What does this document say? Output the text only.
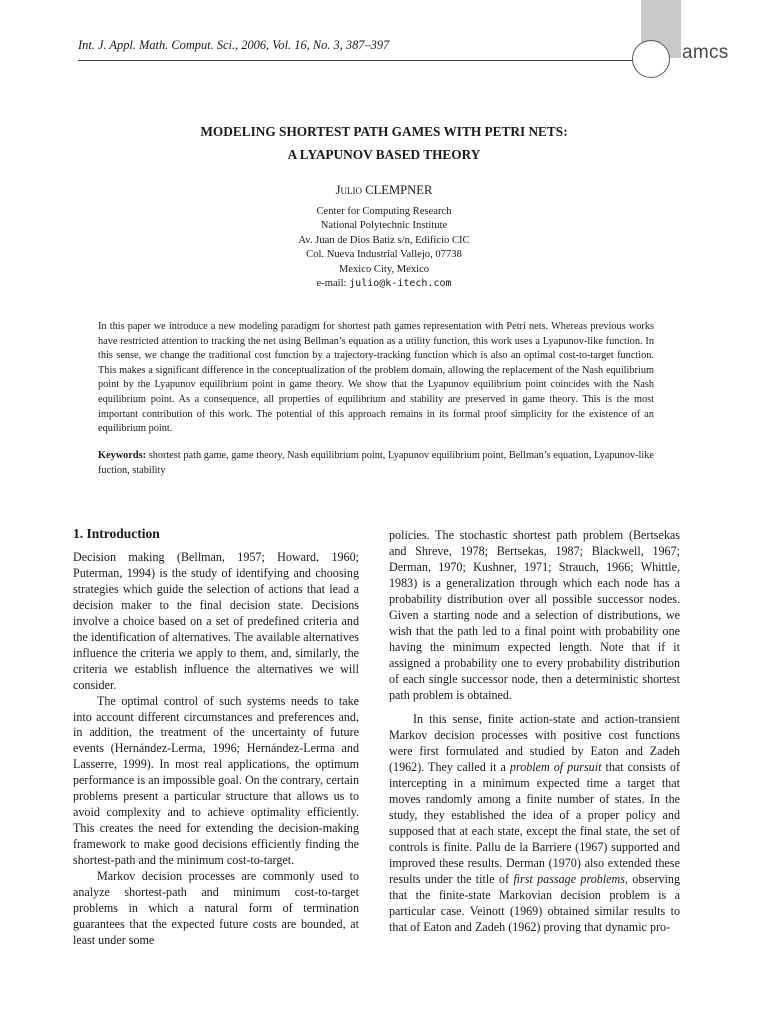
Int. J. Appl. Math. Comput. Sci., 2006, Vol. 16, No. 3, 387–397	amcs
MODELING SHORTEST PATH GAMES WITH PETRI NETS:
A LYAPUNOV BASED THEORY
Julio CLEMPNER
Center for Computing Research
National Polytechnic Institute
Av. Juan de Dios Batiz s/n, Edificio CIC
Col. Nueva Industrial Vallejo, 07738
Mexico City, Mexico
e-mail: julio@k-itech.com

In this paper we introduce a new modeling paradigm for shortest path games representation with Petri nets. Whereas previous works have restricted attention to tracking the net using Bellman’s equation as a utility function, this work uses a Lyapunov-like function. In this sense, we change the traditional cost function by a trajectory-tracking function which is also an optimal cost-to-target function. This makes a significant difference in the conceptualization of the problem domain, allowing the replacement of the Nash equilibrium point by the Lyapunov equilibrium point in game theory. We show that the Lyapunov equilibrium point coincides with the Nash equilibrium point. As a consequence, all properties of equilibrium and stability are preserved in game theory. This is the most important contribution of this work. The potential of this approach remains in its formal proof simplicity for the existence of an equilibrium point.

Keywords: shortest path game, game theory, Nash equilibrium point, Lyapunov equilibrium point, Bellman’s equation, Lyapunov-like fuction, stability

1. Introduction

Decision making (Bellman, 1957; Howard, 1960; Puterman, 1994) is the study of identifying and choosing strategies which guide the selection of actions that lead a decision maker to the final decision state. Decisions involve a choice based on a set of predefined criteria and the identification of alternatives. The available alternatives influence the criteria we apply to them, and, similarly, the criteria we establish influence the alternatives we will consider.

The optimal control of such systems needs to take into account different circumstances and preferences and, in addition, the treatment of the uncertainty of future events (Hernández-Lerma, 1996; Hernández-Lerma and Lasserre, 1999). In most real applications, the optimum performance is an impossible goal. On the contrary, certain problems present a particular structure that allows us to avoid complexity and to achieve optimality efficiently. This creates the need for extending the decision-making framework to make good decisions efficiently finding the shortest-path and the minimum cost-to-target.

Markov decision processes are commonly used to analyze shortest-path and minimum cost-to-target problems in which a natural form of termination guarantees that the expected future costs are bounded, at least under some

policies. The stochastic shortest path problem (Bertsekas and Shreve, 1978; Bertsekas, 1987; Blackwell, 1967; Derman, 1970; Kushner, 1971; Strauch, 1966; Whittle, 1983) is a generalization through which each node has a probability distribution over all possible successor nodes. Given a starting node and a selection of distributions, we wish that the path led to a final point with probability one having the minimum expected length. Note that if it assigned a probability one to every probability distribution of each single successor node, then a deterministic shortest path problem is obtained.

In this sense, finite action-state and action-transient Markov decision processes with positive cost functions were first formulated and studied by Eaton and Zadeh (1962). They called it a problem of pursuit that consists of intercepting in a minimum expected time a target that moves randomly among a finite number of states. In the study, they established the idea of a proper policy and supposed that at each state, except the final state, the set of controls is finite. Pallu de la Barriere (1967) supported and improved these results. Derman (1970) also extended these results under the title of first passage problems, observing that the finite-state Markovian decision problem is a particular case. Veinott (1969) obtained similar results to that of Eaton and Zadeh (1962) proving that dynamic pro-
